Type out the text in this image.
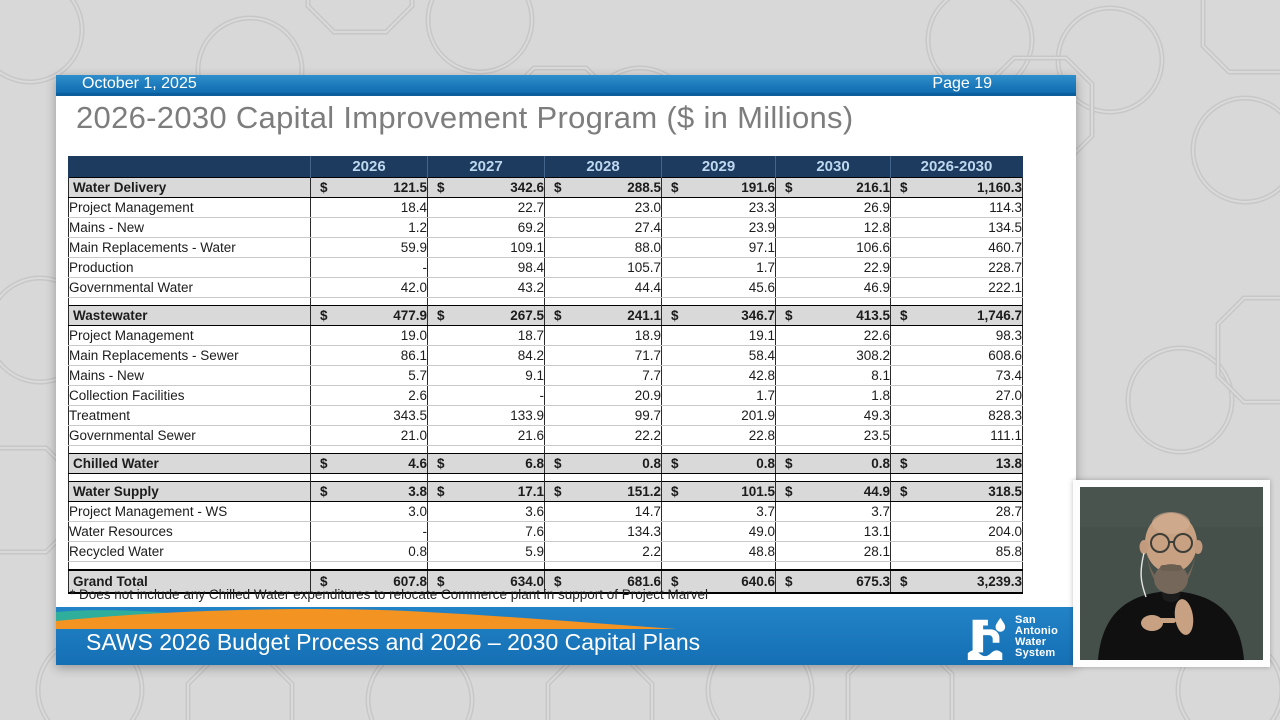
October 1, 2025	Page 19
2026-2030 Capital Improvement Program ($ in Millions)
	2026	2027	2028	2029	2030	2026-2030
Water Delivery	$ 121.5	$ 342.6	$ 288.5	$ 191.6	$ 216.1	$ 1,160.3
Project Management	18.4	22.7	23.0	23.3	26.9	114.3
Mains - New	1.2	69.2	27.4	23.9	12.8	134.5
Main Replacements - Water	59.9	109.1	88.0	97.1	106.6	460.7
Production	-	98.4	105.7	1.7	22.9	228.7
Governmental Water	42.0	43.2	44.4	45.6	46.9	222.1

Wastewater	$ 477.9	$ 267.5	$ 241.1	$ 346.7	$ 413.5	$ 1,746.7
Project Management	19.0	18.7	18.9	19.1	22.6	98.3
Main Replacements - Sewer	86.1	84.2	71.7	58.4	308.2	608.6
Mains - New	5.7	9.1	7.7	42.8	8.1	73.4
Collection Facilities	2.6	-	20.9	1.7	1.8	27.0
Treatment	343.5	133.9	99.7	201.9	49.3	828.3
Governmental Sewer	21.0	21.6	22.2	22.8	23.5	111.1

Chilled Water	$ 4.6	$ 6.8	$ 0.8	$ 0.8	$ 0.8	$ 13.8

Water Supply	$ 3.8	$ 17.1	$ 151.2	$ 101.5	$ 44.9	$ 318.5
Project Management - WS	3.0	3.6	14.7	3.7	3.7	28.7
Water Resources	-	7.6	134.3	49.0	13.1	204.0
Recycled Water	0.8	5.9	2.2	48.8	28.1	85.8

Grand Total	$ 607.8	$ 634.0	$ 681.6	$ 640.6	$ 675.3	$ 3,239.3
* Does not include any Chilled Water expenditures to relocate Commerce plant in support of Project Marvel
SAWS 2026 Budget Process and 2026 – 2030 Capital Plans
San
Antonio
Water
System
